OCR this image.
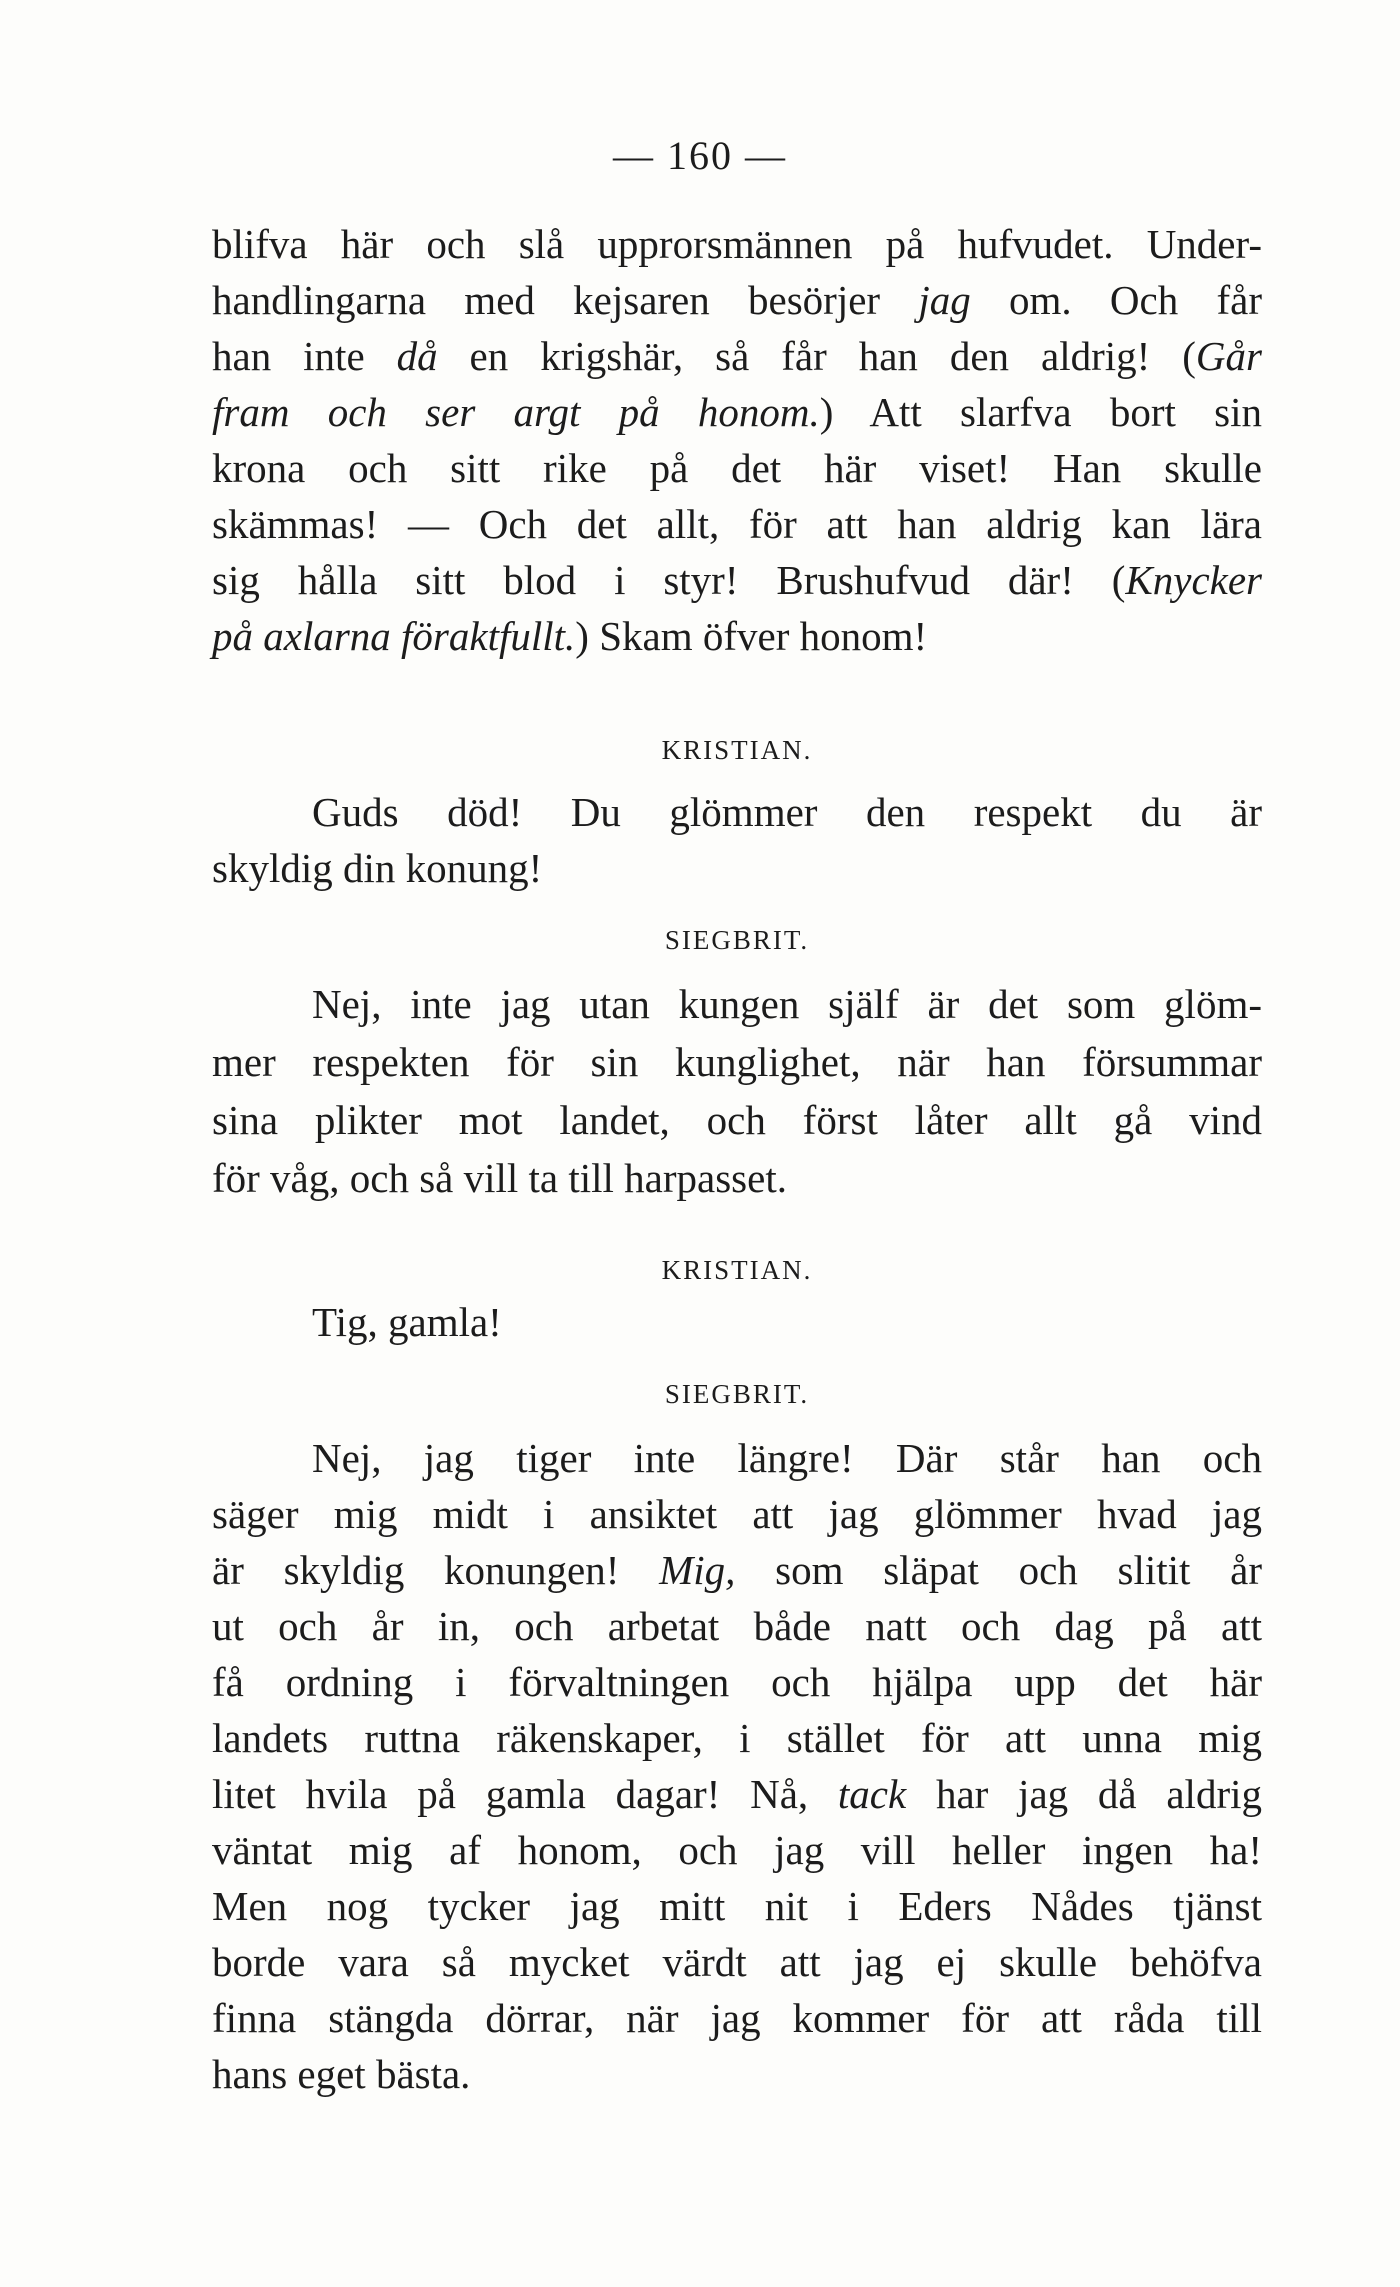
— 160 —
blifva här och slå upprorsmännen på hufvudet. Under-
handlingarna med kejsaren besörjer jag om. Och får
han inte då en krigshär, så får han den aldrig! (Går
fram och ser argt på honom.) Att slarfva bort sin
krona och sitt rike på det här viset! Han skulle
skämmas! — Och det allt, för att han aldrig kan lära
sig hålla sitt blod i styr! Brushufvud där! (Knycker
på axlarna föraktfullt.) Skam öfver honom!
KRISTIAN.
Guds död! Du glömmer den respekt du är
skyldig din konung!
SIEGBRIT.
Nej, inte jag utan kungen själf är det som glöm-
mer respekten för sin kunglighet, när han försummar
sina plikter mot landet, och först låter allt gå vind
för våg, och så vill ta till harpasset.
KRISTIAN.
Tig, gamla!
SIEGBRIT.
Nej, jag tiger inte längre! Där står han och
säger mig midt i ansiktet att jag glömmer hvad jag
är skyldig konungen! Mig, som släpat och slitit år
ut och år in, och arbetat både natt och dag på att
få ordning i förvaltningen och hjälpa upp det här
landets ruttna räkenskaper, i stället för att unna mig
litet hvila på gamla dagar! Nå, tack har jag då aldrig
väntat mig af honom, och jag vill heller ingen ha!
Men nog tycker jag mitt nit i Eders Nådes tjänst
borde vara så mycket värdt att jag ej skulle behöfva
finna stängda dörrar, när jag kommer för att råda till
hans eget bästa.
